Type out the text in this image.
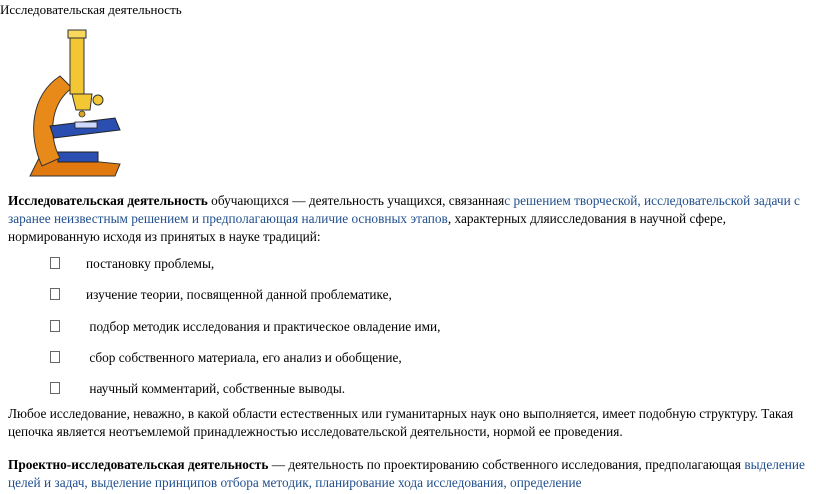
Исследовательская деятельность
Исследовательская деятельность обучающихся — деятельность учащихся, связаннаяс решением творческой, исследовательской задачи с заранее неизвестным решением и предполагающая наличие основных этапов, характерных дляисследования в научной сфере, нормированную исходя из принятых в науке традиций:
постановку проблемы,
изучение теории, посвященной данной проблематике,
подбор методик исследования и практическое овладение ими,
сбор собственного материала, его анализ и обобщение,
научный комментарий, собственные выводы.
Любое исследование, неважно, в какой области естественных или гуманитарных наук оно выполняется, имеет подобную структуру. Такая цепочка является неотъемлемой принадлежностью исследовательской деятельности, нормой ее проведения.
Проектно-исследовательская деятельность — деятельность по проектированию собственного исследования, предполагающая выделение целей и задач, выделение принципов отбора методик, планирование хода исследования, определение
